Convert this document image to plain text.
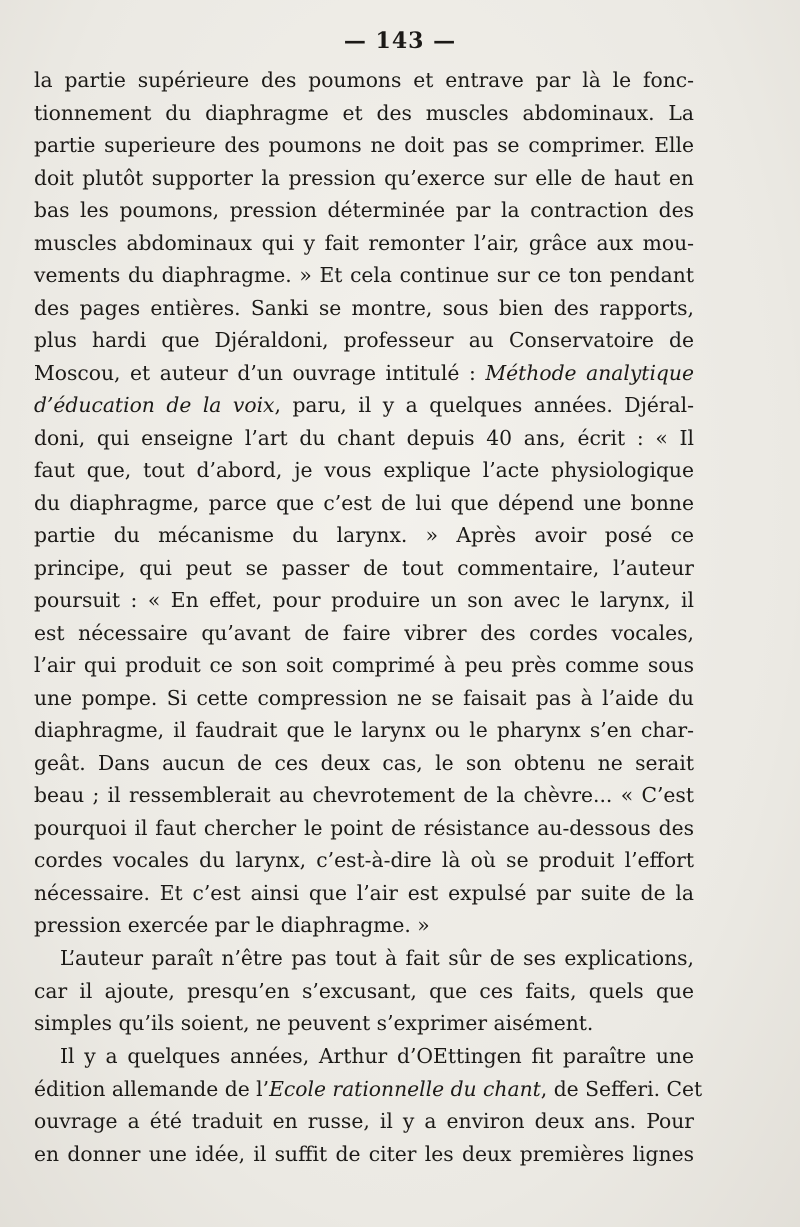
— 143 —
la partie supérieure des poumons et entrave par là le fonc-
tionnement du diaphragme et des muscles abdominaux. La
partie superieure des poumons ne doit pas se comprimer. Elle
doit plutôt supporter la pression qu’exerce sur elle de haut en
bas les poumons, pression déterminée par la contraction des
muscles abdominaux qui y fait remonter l’air, grâce aux mou-
vements du diaphragme. » Et cela continue sur ce ton pendant
des pages entières. Sanki se montre, sous bien des rapports,
plus hardi que Djéraldoni, professeur au Conservatoire de
Moscou, et auteur d’un ouvrage intitulé : Méthode analytique
d’éducation de la voix, paru, il y a quelques années. Djéral-
doni, qui enseigne l’art du chant depuis 40 ans, écrit : « Il
faut que, tout d’abord, je vous explique l’acte physiologique
du diaphragme, parce que c’est de lui que dépend une bonne
partie du mécanisme du larynx. » Après avoir posé ce
principe, qui peut se passer de tout commentaire, l’auteur
poursuit : « En effet, pour produire un son avec le larynx, il
est nécessaire qu’avant de faire vibrer des cordes vocales,
l’air qui produit ce son soit comprimé à peu près comme sous
une pompe. Si cette compression ne se faisait pas à l’aide du
diaphragme, il faudrait que le larynx ou le pharynx s’en char-
geât. Dans aucun de ces deux cas, le son obtenu ne serait
beau ; il ressemblerait au chevrotement de la chèvre... « C’est
pourquoi il faut chercher le point de résistance au-dessous des
cordes vocales du larynx, c’est-à-dire là où se produit l’effort
nécessaire. Et c’est ainsi que l’air est expulsé par suite de la
pression exercée par le diaphragme. »
L’auteur paraît n’être pas tout à fait sûr de ses explications,
car il ajoute, presqu’en s’excusant, que ces faits, quels que
simples qu’ils soient, ne peuvent s’exprimer aisément.
Il y a quelques années, Arthur d’OEttingen fit paraître une
édition allemande de l’Ecole rationnelle du chant, de Sefferi. Cet
ouvrage a été traduit en russe, il y a environ deux ans. Pour
en donner une idée, il suffit de citer les deux premières lignes
